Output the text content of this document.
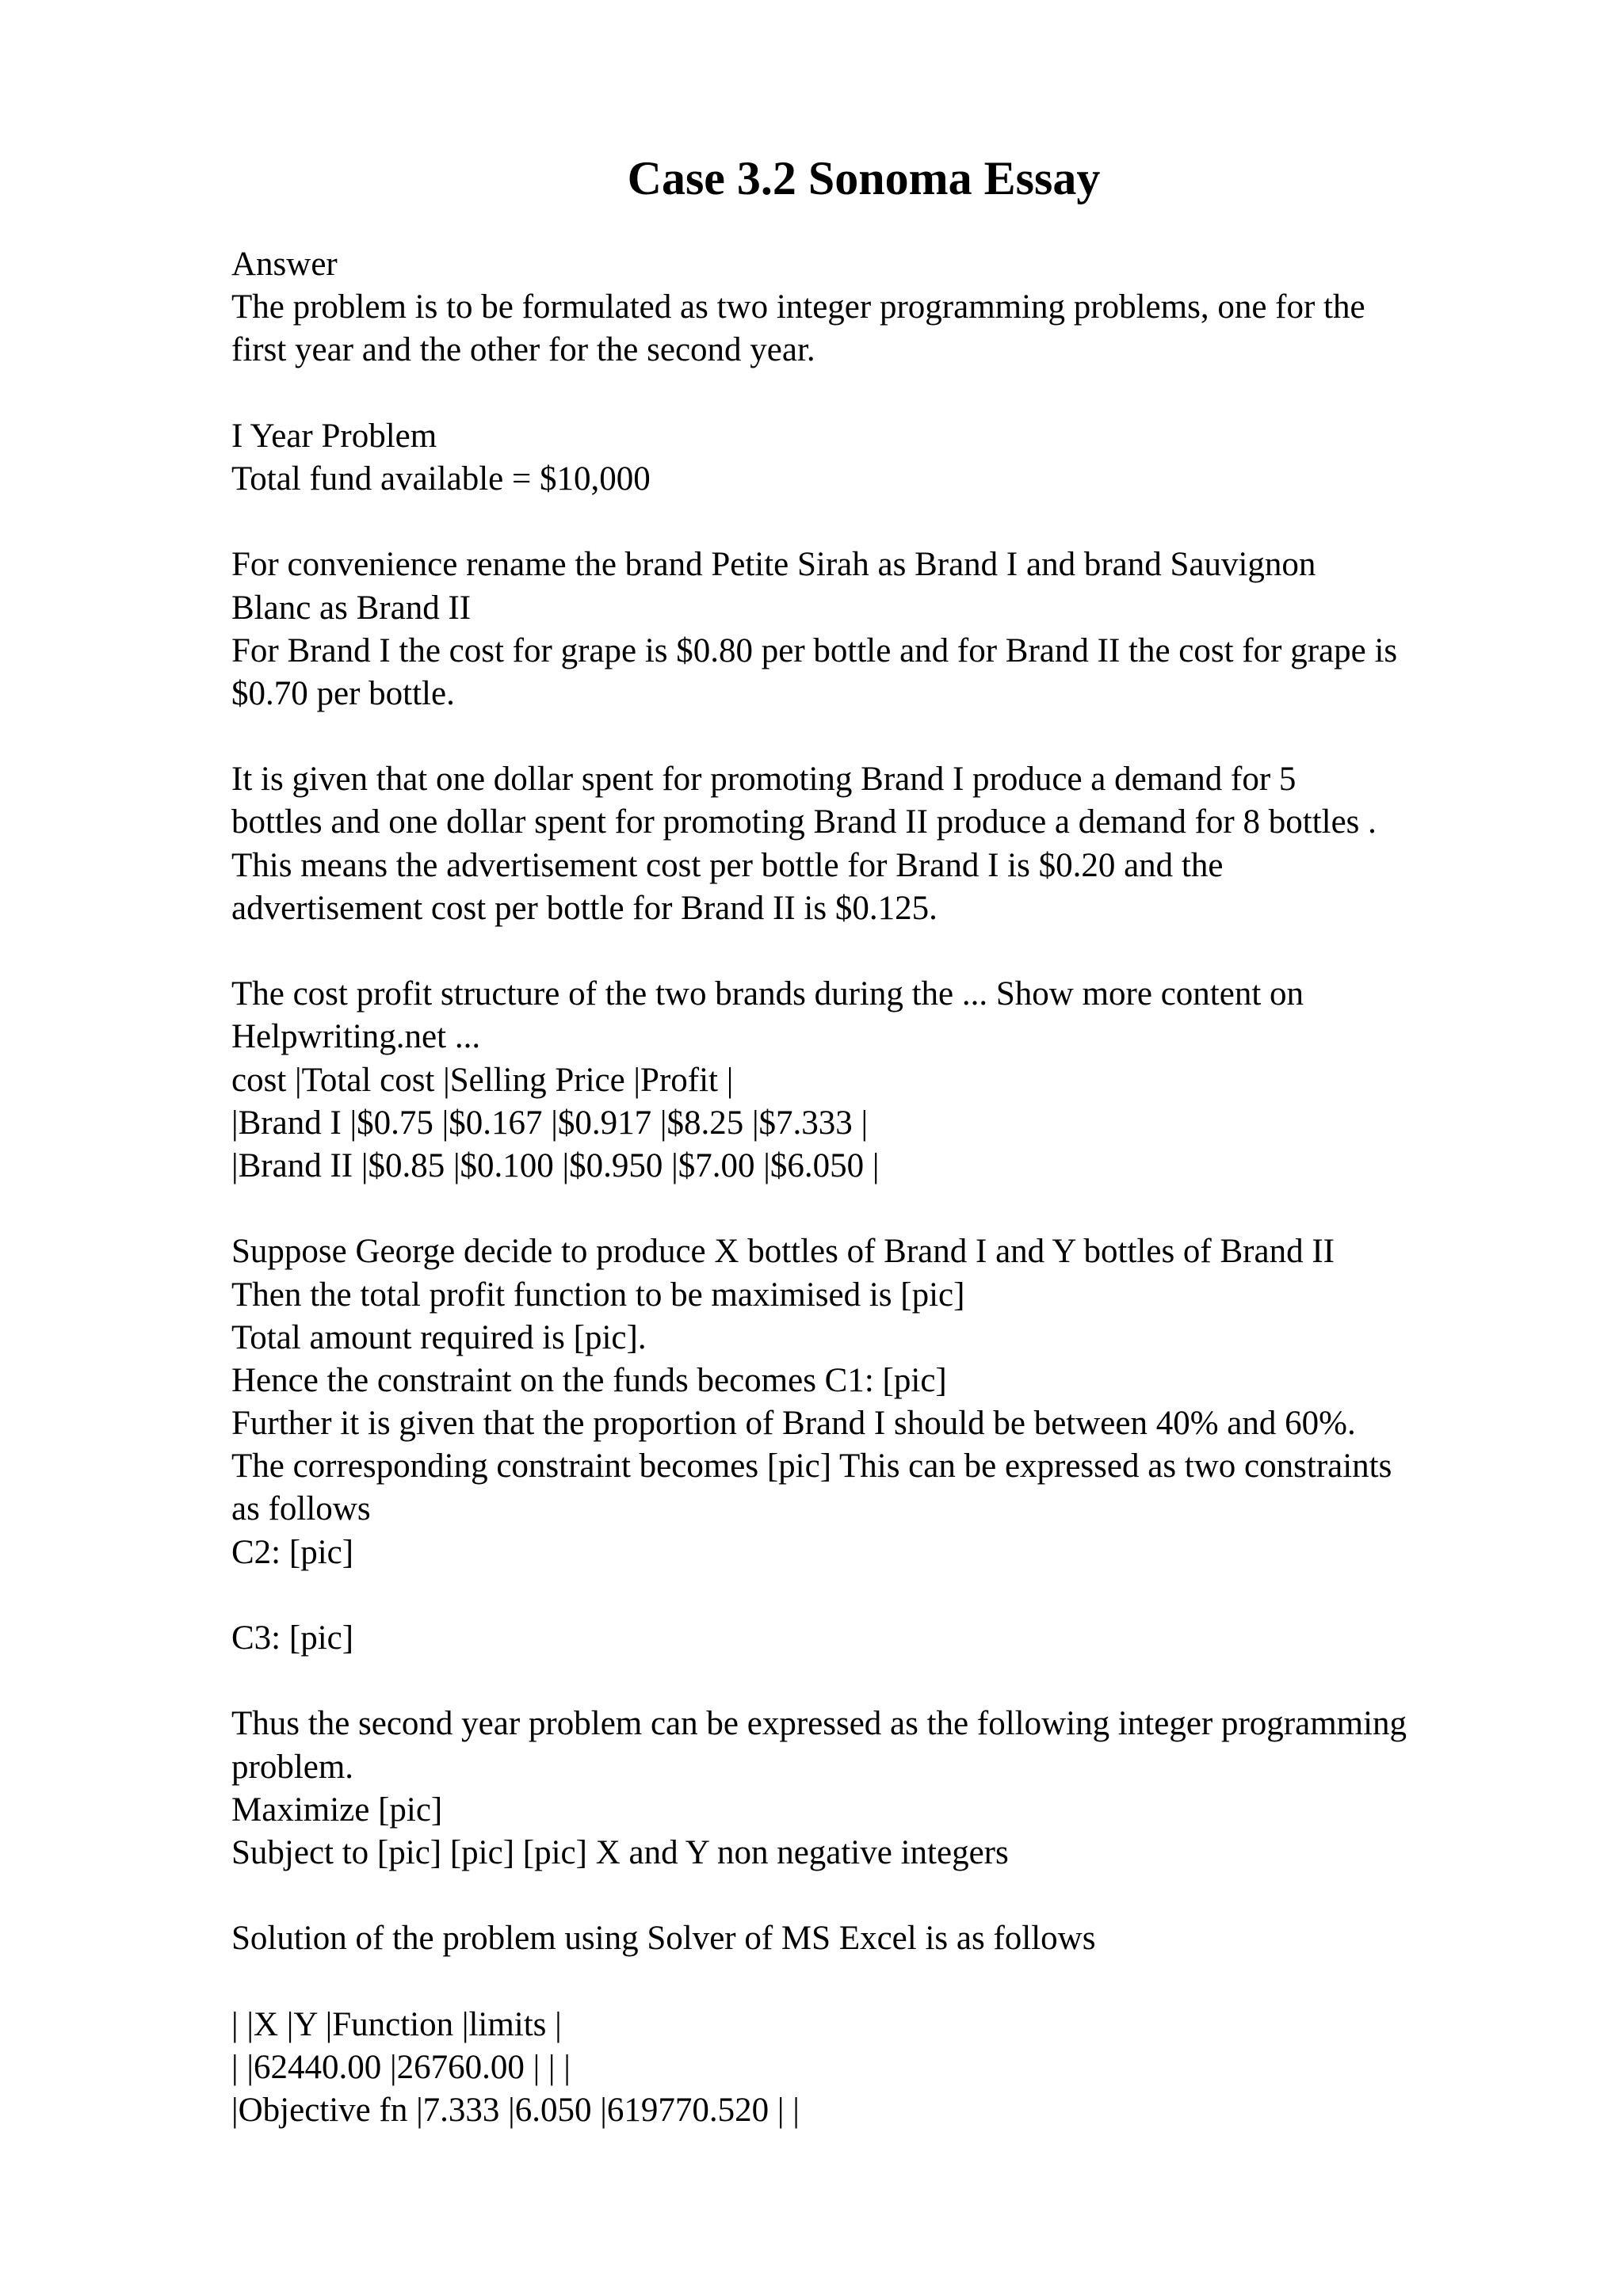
Case 3.2 Sonoma Essay
Answer
The problem is to be formulated as two integer programming problems, one for the
first year and the other for the second year.
I Year Problem
Total fund available = $10,000
For convenience rename the brand Petite Sirah as Brand I and brand Sauvignon
Blanc as Brand II
For Brand I the cost for grape is $0.80 per bottle and for Brand II the cost for grape is
$0.70 per bottle.
It is given that one dollar spent for promoting Brand I produce a demand for 5
bottles and one dollar spent for promoting Brand II produce a demand for 8 bottles .
This means the advertisement cost per bottle for Brand I is $0.20 and the
advertisement cost per bottle for Brand II is $0.125.
The cost profit structure of the two brands during the ... Show more content on
Helpwriting.net ...
cost |Total cost |Selling Price |Profit |
|Brand I |$0.75 |$0.167 |$0.917 |$8.25 |$7.333 |
|Brand II |$0.85 |$0.100 |$0.950 |$7.00 |$6.050 |
Suppose George decide to produce X bottles of Brand I and Y bottles of Brand II
Then the total profit function to be maximised is [pic]
Total amount required is [pic].
Hence the constraint on the funds becomes C1: [pic]
Further it is given that the proportion of Brand I should be between 40% and 60%.
The corresponding constraint becomes [pic] This can be expressed as two constraints
as follows
C2: [pic]
C3: [pic]
Thus the second year problem can be expressed as the following integer programming
problem.
Maximize [pic]
Subject to [pic] [pic] [pic] X and Y non negative integers
Solution of the problem using Solver of MS Excel is as follows
| |X |Y |Function |limits |
| |62440.00 |26760.00 | | |
|Objective fn |7.333 |6.050 |619770.520 | |
